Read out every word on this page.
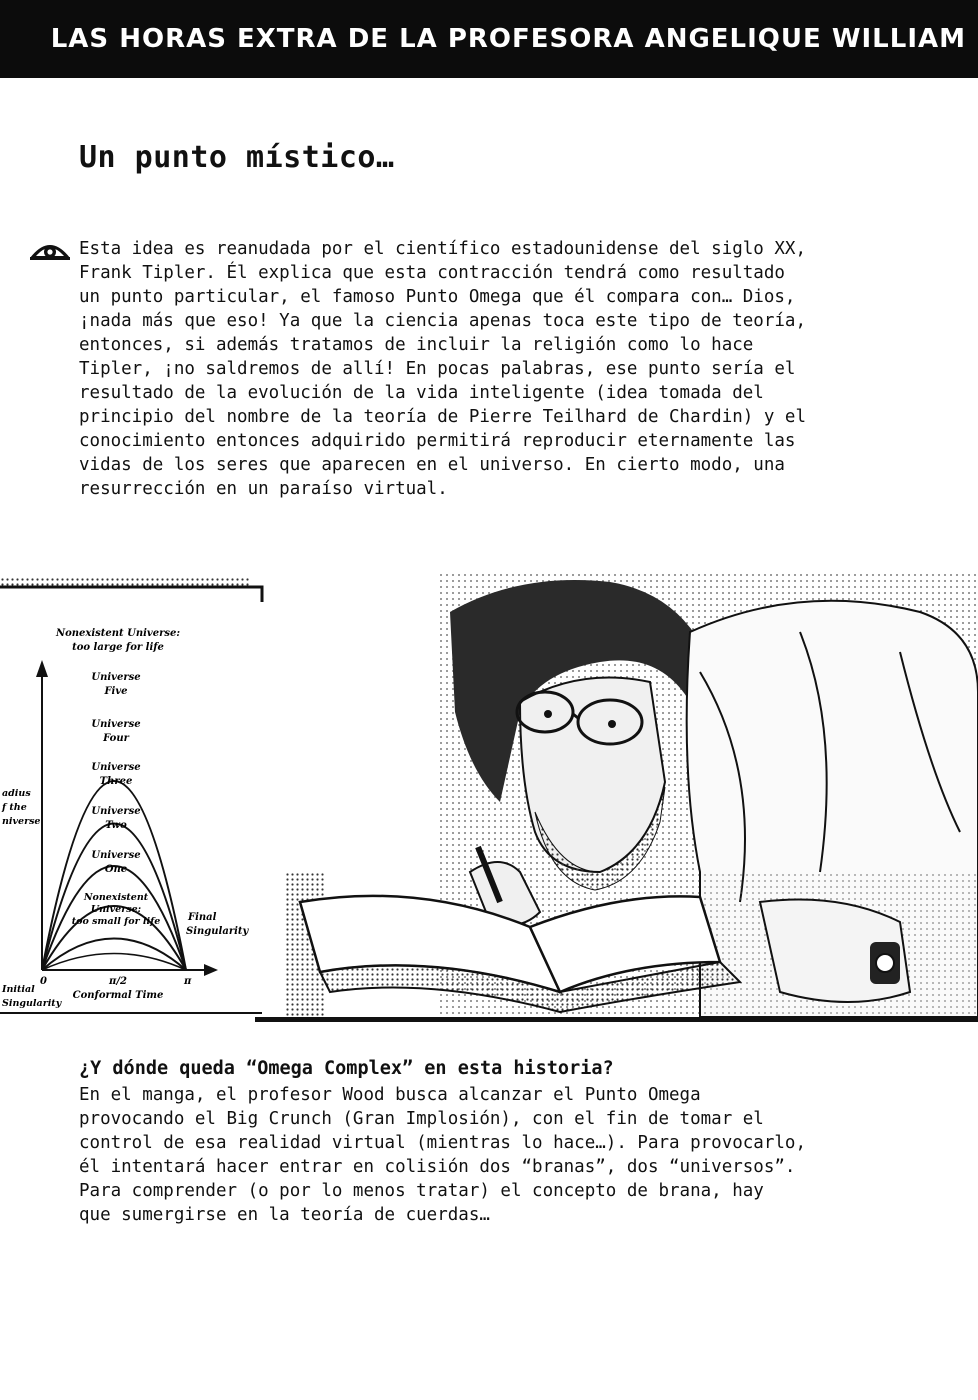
LAS HORAS EXTRA DE LA PROFESORA ANGELIQUE WILLIAM
Un punto místico…

Esta idea es reanudada por el científico estadounidense del siglo XX,
Frank Tipler. Él explica que esta contracción tendrá como resultado
un punto particular, el famoso Punto Omega que él compara con… Dios,
¡nada más que eso! Ya que la ciencia apenas toca este tipo de teoría,
entonces, si además tratamos de incluir la religión como lo hace
Tipler, ¡no saldremos de allí! En pocas palabras, ese punto sería el
resultado de la evolución de la vida inteligente (idea tomada del
principio del nombre de la teoría de Pierre Teilhard de Chardin) y el
conocimiento entonces adquirido permitirá reproducir eternamente las
vidas de los seres que aparecen en el universo. En cierto modo, una
resurrección en un paraíso virtual.

Nonexistent Universe:
too large for life
Universe
Five
Universe
Four
Universe
Three
Universe
Two
Universe
One
Nonexistent
Universe:
too small for life
adius
f the
niverse
Final
Singularity
0	π/2	π
Conformal Time
Initial
Singularity
¿Y dónde queda “Omega Complex” en esta historia?

En el manga, el profesor Wood busca alcanzar el Punto Omega
provocando el Big Crunch (Gran Implosión), con el fin de tomar el
control de esa realidad virtual (mientras lo hace…). Para provocarlo,
él intentará hacer entrar en colisión dos “branas”, dos “universos”.
Para comprender (o por lo menos tratar) el concepto de brana, hay
que sumergirse en la teoría de cuerdas…
